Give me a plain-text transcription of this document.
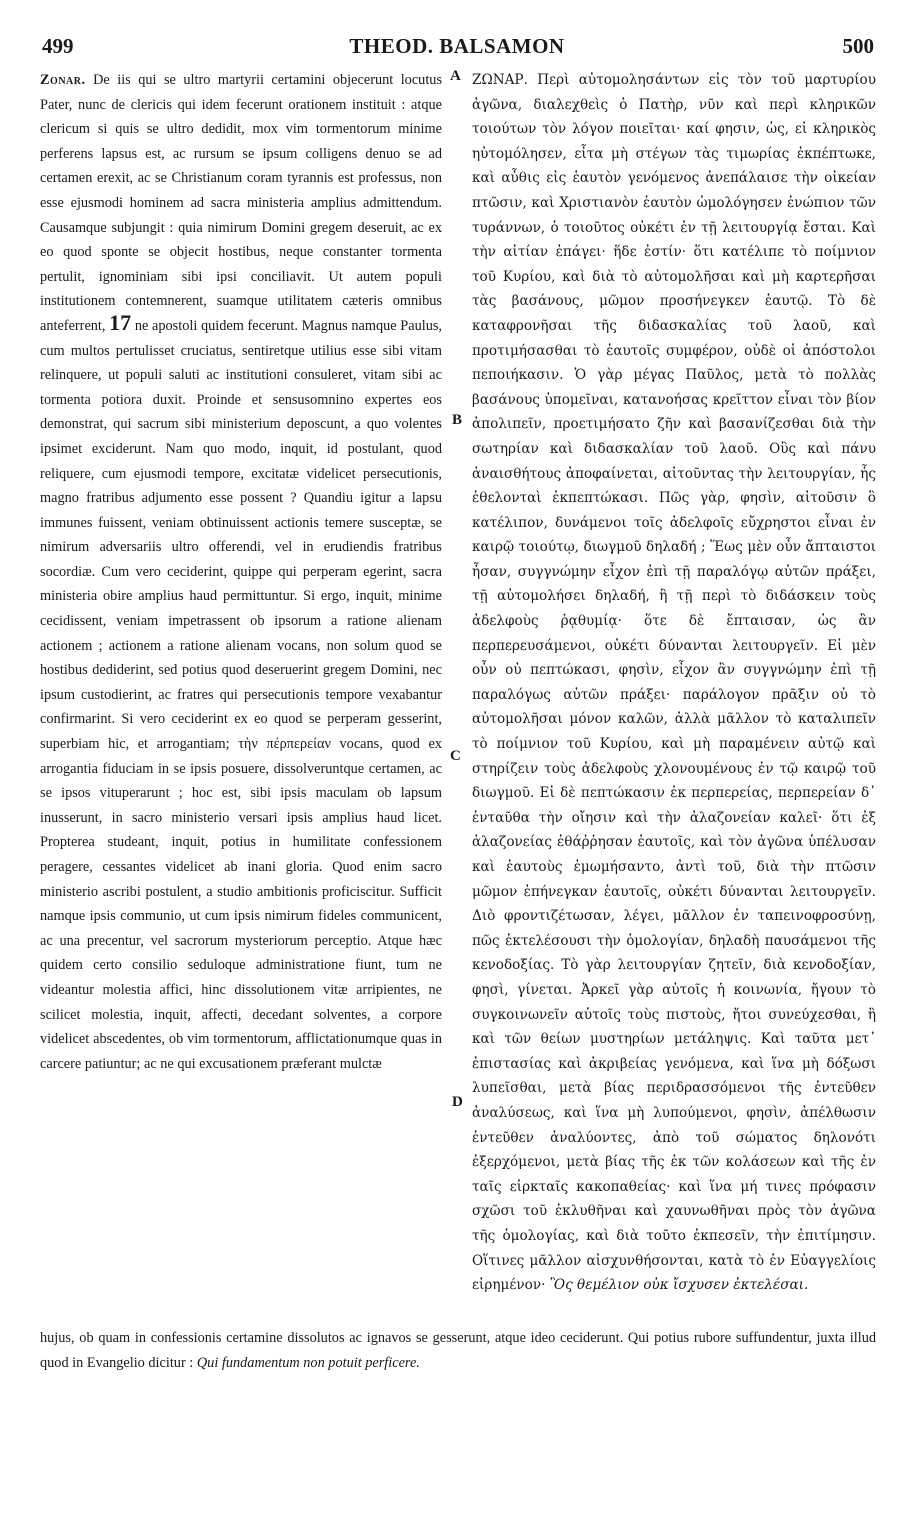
499	THEOD. BALSAMON	500

Zonar. De iis qui se ultro martyrii certamini objecerunt locutus Pater, nunc de clericis qui idem fecerunt orationem instituit : atque clericum si quis se ultro dedidit, mox vim tormentorum minime perferens lapsus est, ac rursum se ipsum colligens denuo se ad certamen erexit, ac se Christianum coram tyrannis est professus, non esse ejusmodi hominem ad sacra ministeria amplius admittendum. Causamque subjungit : quia nimirum Domini gregem deseruit, ac ex eo quod sponte se objecit hostibus, neque constanter tormenta pertulit, ignominiam sibi ipsi conciliavit. Ut autem populi institutionem contemnerent, suamque utilitatem cæteris omnibus anteferrent, 17 ne apostoli quidem fecerunt. Magnus namque Paulus, cum multos pertulisset cruciatus, sentiretque utilius esse sibi vitam relinquere, ut populi saluti ac institutioni consuleret, vitam sibi ac tormenta potiora duxit. Proinde et sensusomnino expertes eos demonstrat, qui sacrum sibi ministerium deposcunt, a quo volentes ipsimet exciderunt. Nam quo modo, inquit, id postulant, quod reliquere, cum ejusmodi tempore, excitatæ videlicet persecutionis, magno fratribus adjumento esse possent ? Quandiu igitur a lapsu immunes fuissent, veniam obtinuissent actionis temere susceptæ, se nimirum adversariis ultro offerendi, vel in erudiendis fratribus socordiæ. Cum vero ceciderint, quippe qui perperam egerint, sacra ministeria obire amplius haud permittuntur. Si ergo, inquit, minime cecidissent, veniam impetrassent ob ipsorum a ratione alienam actionem ; actionem a ratione alienam vocans, non solum quod se hostibus dediderint, sed potius quod deseruerint gregem Domini, nec ipsum custodierint, ac fratres qui persecutionis tempore vexabantur confirmarint. Si vero ceciderint ex eo quod se perperam gesserint, superbiam hic, et arrogantiam; τὴν πέρπερείαν vocans, quod ex arrogantia fiduciam in se ipsis posuere, dissolveruntque certamen, ac se ipsos vituperarunt ; hoc est, sibi ipsis maculam ob lapsum inusserunt, in sacro ministerio versari ipsis amplius haud licet. Propterea studeant, inquit, potius in humilitate confessionem peragere, cessantes videlicet ab inani gloria. Quod enim sacro ministerio ascribi postulent, a studio ambitionis proficiscitur. Sufficit namque ipsis communio, ut cum ipsis nimirum fideles communicent, ac una precentur, vel sacrorum mysteriorum perceptio. Atque hæc quidem certo consilio seduloque administratione fiunt, tum ne videantur molestia affici, hinc dissolutionem vitæ arripientes, ne scilicet molestia, inquit, affecti, decedant solventes, a corpore videlicet abscedentes, ob vim tormentorum, afflictationumque quas in carcere patiuntur; ac ne qui excusationem præferant mulctæ

A
B
C
D

ΖΩΝΑΡ. Περὶ αὐτομολησάντων εἰς τὸν τοῦ μαρτυρίου ἀγῶνα, διαλεχθεὶς ὁ Πατὴρ, νῦν καὶ περὶ κληρικῶν τοιούτων τὸν λόγον ποιεῖται· καί φησιν, ὡς, εἰ κληρικὸς ηὐτομόλησεν, εἶτα μὴ στέγων τὰς τιμωρίας ἐκπέπτωκε, καὶ αὖθις εἰς ἑαυτὸν γενόμενος ἀνεπάλαισε τὴν οἰκείαν πτῶσιν, καὶ Χριστιανὸν ἑαυτὸν ὡμολόγησεν ἐνώπιον τῶν τυράννων, ὁ τοιοῦτος οὐκέτι ἐν τῇ λειτουργίᾳ ἔσται. Καὶ τὴν αἰτίαν ἐπάγει· ἥδε ἐστίν· ὅτι κατέλιπε τὸ ποίμνιον τοῦ Κυρίου, καὶ διὰ τὸ αὐτομολῆσαι καὶ μὴ καρτερῆσαι τὰς βασάνους, μῶμον προσήνεγκεν ἑαυτῷ. Τὸ δὲ καταφρονῆσαι τῆς διδασκαλίας τοῦ λαοῦ, καὶ προτιμήσασθαι τὸ ἑαυτοῖς συμφέρον, οὐδὲ οἱ ἀπόστολοι πεποιήκασιν. Ὁ γὰρ μέγας Παῦλος, μετὰ τὸ πολλὰς βασάνους ὑπομεῖναι, κατανοήσας κρεῖττον εἶναι τὸν βίον ἀπολιπεῖν, προετιμήσατο ζῆν καὶ βασανίζεσθαι διὰ τὴν σωτηρίαν καὶ διδασκαλίαν τοῦ λαοῦ. Οὓς καὶ πάνυ ἀναισθήτους ἀποφαίνεται, αἰτοῦντας τὴν λειτουργίαν, ἧς ἐθελονταὶ ἐκπεπτώκασι. Πῶς γὰρ, φησὶν, αἰτοῦσιν ὃ κατέλιπον, δυνάμενοι τοῖς ἀδελφοῖς εὔχρηστοι εἶναι ἐν καιρῷ τοιούτῳ, διωγμοῦ δηλαδή ; Ἕως μὲν οὖν ἄπταιστοι ἦσαν, συγγνώμην εἶχον ἐπὶ τῇ παραλόγῳ αὐτῶν πράξει, τῇ αὐτομολήσει δηλαδή, ἢ τῇ περὶ τὸ διδάσκειν τοὺς ἀδελφοὺς ῥᾳθυμίᾳ· ὅτε δὲ ἔπταισαν, ὡς ἂν περπερευσάμενοι, οὐκέτι δύνανται λειτουργεῖν. Εἰ μὲν οὖν οὐ πεπτώκασι, φησὶν, εἶχον ἂν συγγνώμην ἐπὶ τῇ παραλόγως αὐτῶν πράξει· παράλογον πρᾶξιν οὐ τὸ αὐτομολῆσαι μόνον καλῶν, ἀλλὰ μᾶλλον τὸ καταλιπεῖν τὸ ποίμνιον τοῦ Κυρίου, καὶ μὴ παραμένειν αὐτῷ καὶ στηρίζειν τοὺς ἀδελφοὺς χλονουμένους ἐν τῷ καιρῷ τοῦ διωγμοῦ. Εἰ δὲ πεπτώκασιν ἐκ περπερείας, περπερείαν δ᾽ ἐνταῦθα τὴν οἴησιν καὶ τὴν ἀλαζονείαν καλεῖ· ὅτι ἐξ ἀλαζονείας ἐθάῤῥησαν ἑαυτοῖς, καὶ τὸν ἀγῶνα ὑπέλυσαν καὶ ἑαυτοὺς ἐμωμήσαντο, ἀντὶ τοῦ, διὰ τὴν πτῶσιν μῶμον ἐπήνεγκαν ἑαυτοῖς, οὐκέτι δύνανται λειτουργεῖν. Διὸ φροντιζέτωσαν, λέγει, μᾶλλον ἐν ταπεινοφροσύνῃ, πῶς ἐκτελέσουσι τὴν ὁμολογίαν, δηλαδὴ παυσάμενοι τῆς κενοδοξίας. Τὸ γὰρ λειτουργίαν ζητεῖν, διὰ κενοδοξίαν, φησὶ, γίνεται. Ἀρκεῖ γὰρ αὐτοῖς ἡ κοινωνία, ἤγουν τὸ συγκοινωνεῖν αὐτοῖς τοὺς πιστοὺς, ἤτοι συνεύχεσθαι, ἢ καὶ τῶν θείων μυστηρίων μετάληψις. Καὶ ταῦτα μετ᾽ ἐπιστασίας καὶ ἀκριβείας γενόμενα, καὶ ἵνα μὴ δόξωσι λυπεῖσθαι, μετὰ βίας περιδρασσόμενοι τῆς ἐντεῦθεν ἀναλύσεως, καὶ ἵνα μὴ λυπούμενοι, φησὶν, ἀπέλθωσιν ἐντεῦθεν ἀναλύοντες, ἀπὸ τοῦ σώματος δηλονότι ἐξερχόμενοι, μετὰ βίας τῆς ἐκ τῶν κολάσεων καὶ τῆς ἐν ταῖς εἱρκταῖς κακοπαθείας· καὶ ἵνα μή τινες πρόφασιν σχῶσι τοῦ ἐκλυθῆναι καὶ χαυνωθῆναι πρὸς τὸν ἀγῶνα τῆς ὁμολογίας, καὶ διὰ τοῦτο ἐκπεσεῖν, τὴν ἐπιτίμησιν. Οἵτινες μᾶλλον αἰσχυνθήσονται, κατὰ τὸ ἐν Εὐαγγελίοις εἰρημένον· Ὃς θεμέλιον οὐκ ἴσχυσεν ἐκτελέσαι.

hujus, ob quam in confessionis certamine dissolutos ac ignavos se gesserunt, atque ideo ceciderunt. Qui potius rubore suffundentur, juxta illud quod in Evangelio dicitur : Qui fundamentum non potuit perficere.
